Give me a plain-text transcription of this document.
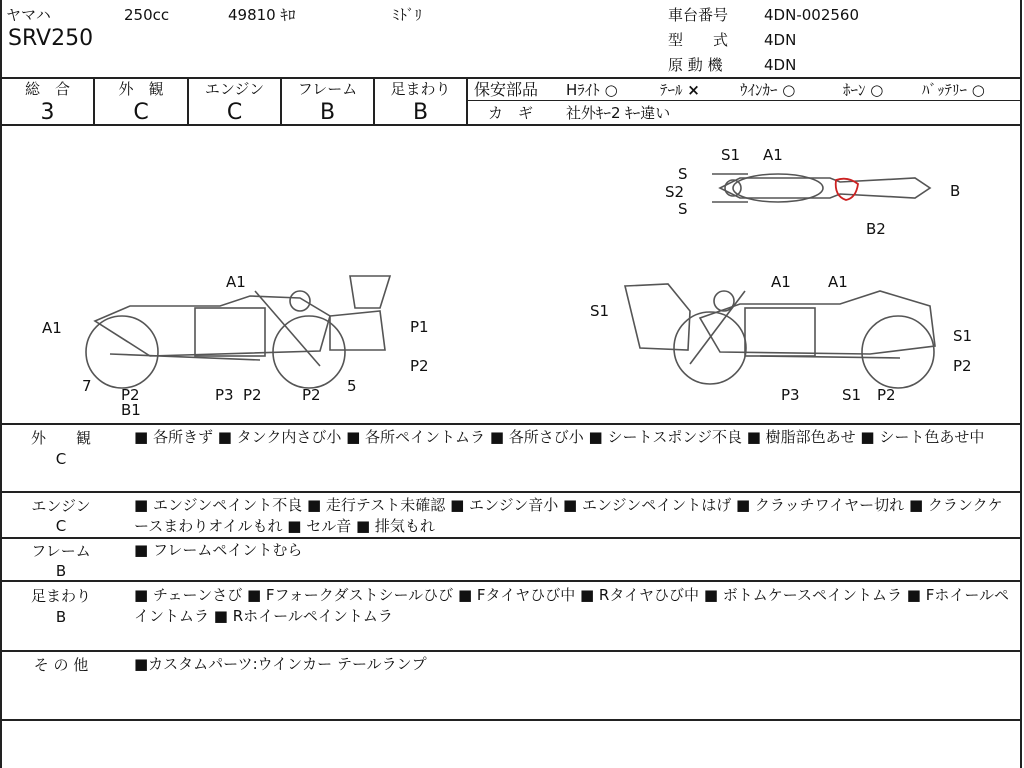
ヤマハ	250cc	49810 ｷﾛ	ﾐﾄﾞﾘ
SRV250
車台番号 4DN-002560
型　　式 4DN
原 動 機	4DN
総　合
3
外　観
C
エンジン
C
フレーム
B
足まわり
B
保安部品 Hﾗｲﾄ ○	ﾃｰﾙ ×	ｳｲﾝｶｰ ○	ﾎｰﾝ ○	ﾊﾞｯﾃﾘｰ ○
カ　ギ 社外ｷｰ2 ｷｰ違い
S1 A1
S
S2
S
B
B2
A1
A1
P1
P2
7 P2
B1
P3 P2	P2 5
S1
A1 A1
S1
P2
P3	S1 P2
外　　観
C
■ 各所きず ■ タンク内さび小 ■ 各所ペイントムラ ■ 各所さび小 ■ シートスポンジ不良 ■ 樹脂部色あせ ■ シート色あせ中
エンジン
C
■ エンジンペイント不良 ■ 走行テスト未確認 ■ エンジン音小 ■ エンジンペイントはげ ■ クラッチワイヤー切れ ■ クランクケースまわりオイルもれ ■ セル音 ■ 排気もれ
フレーム
B
■ フレームペイントむら
足まわり
B
■ チェーンさび ■ Fフォークダストシールひび ■ Fタイヤひび中 ■ Rタイヤひび中 ■ ボトムケースペイントムラ ■ Fホイールペイントムラ ■ Rホイールペイントムラ
そ の 他	■カスタムパーツ:ウインカー テールランプ
